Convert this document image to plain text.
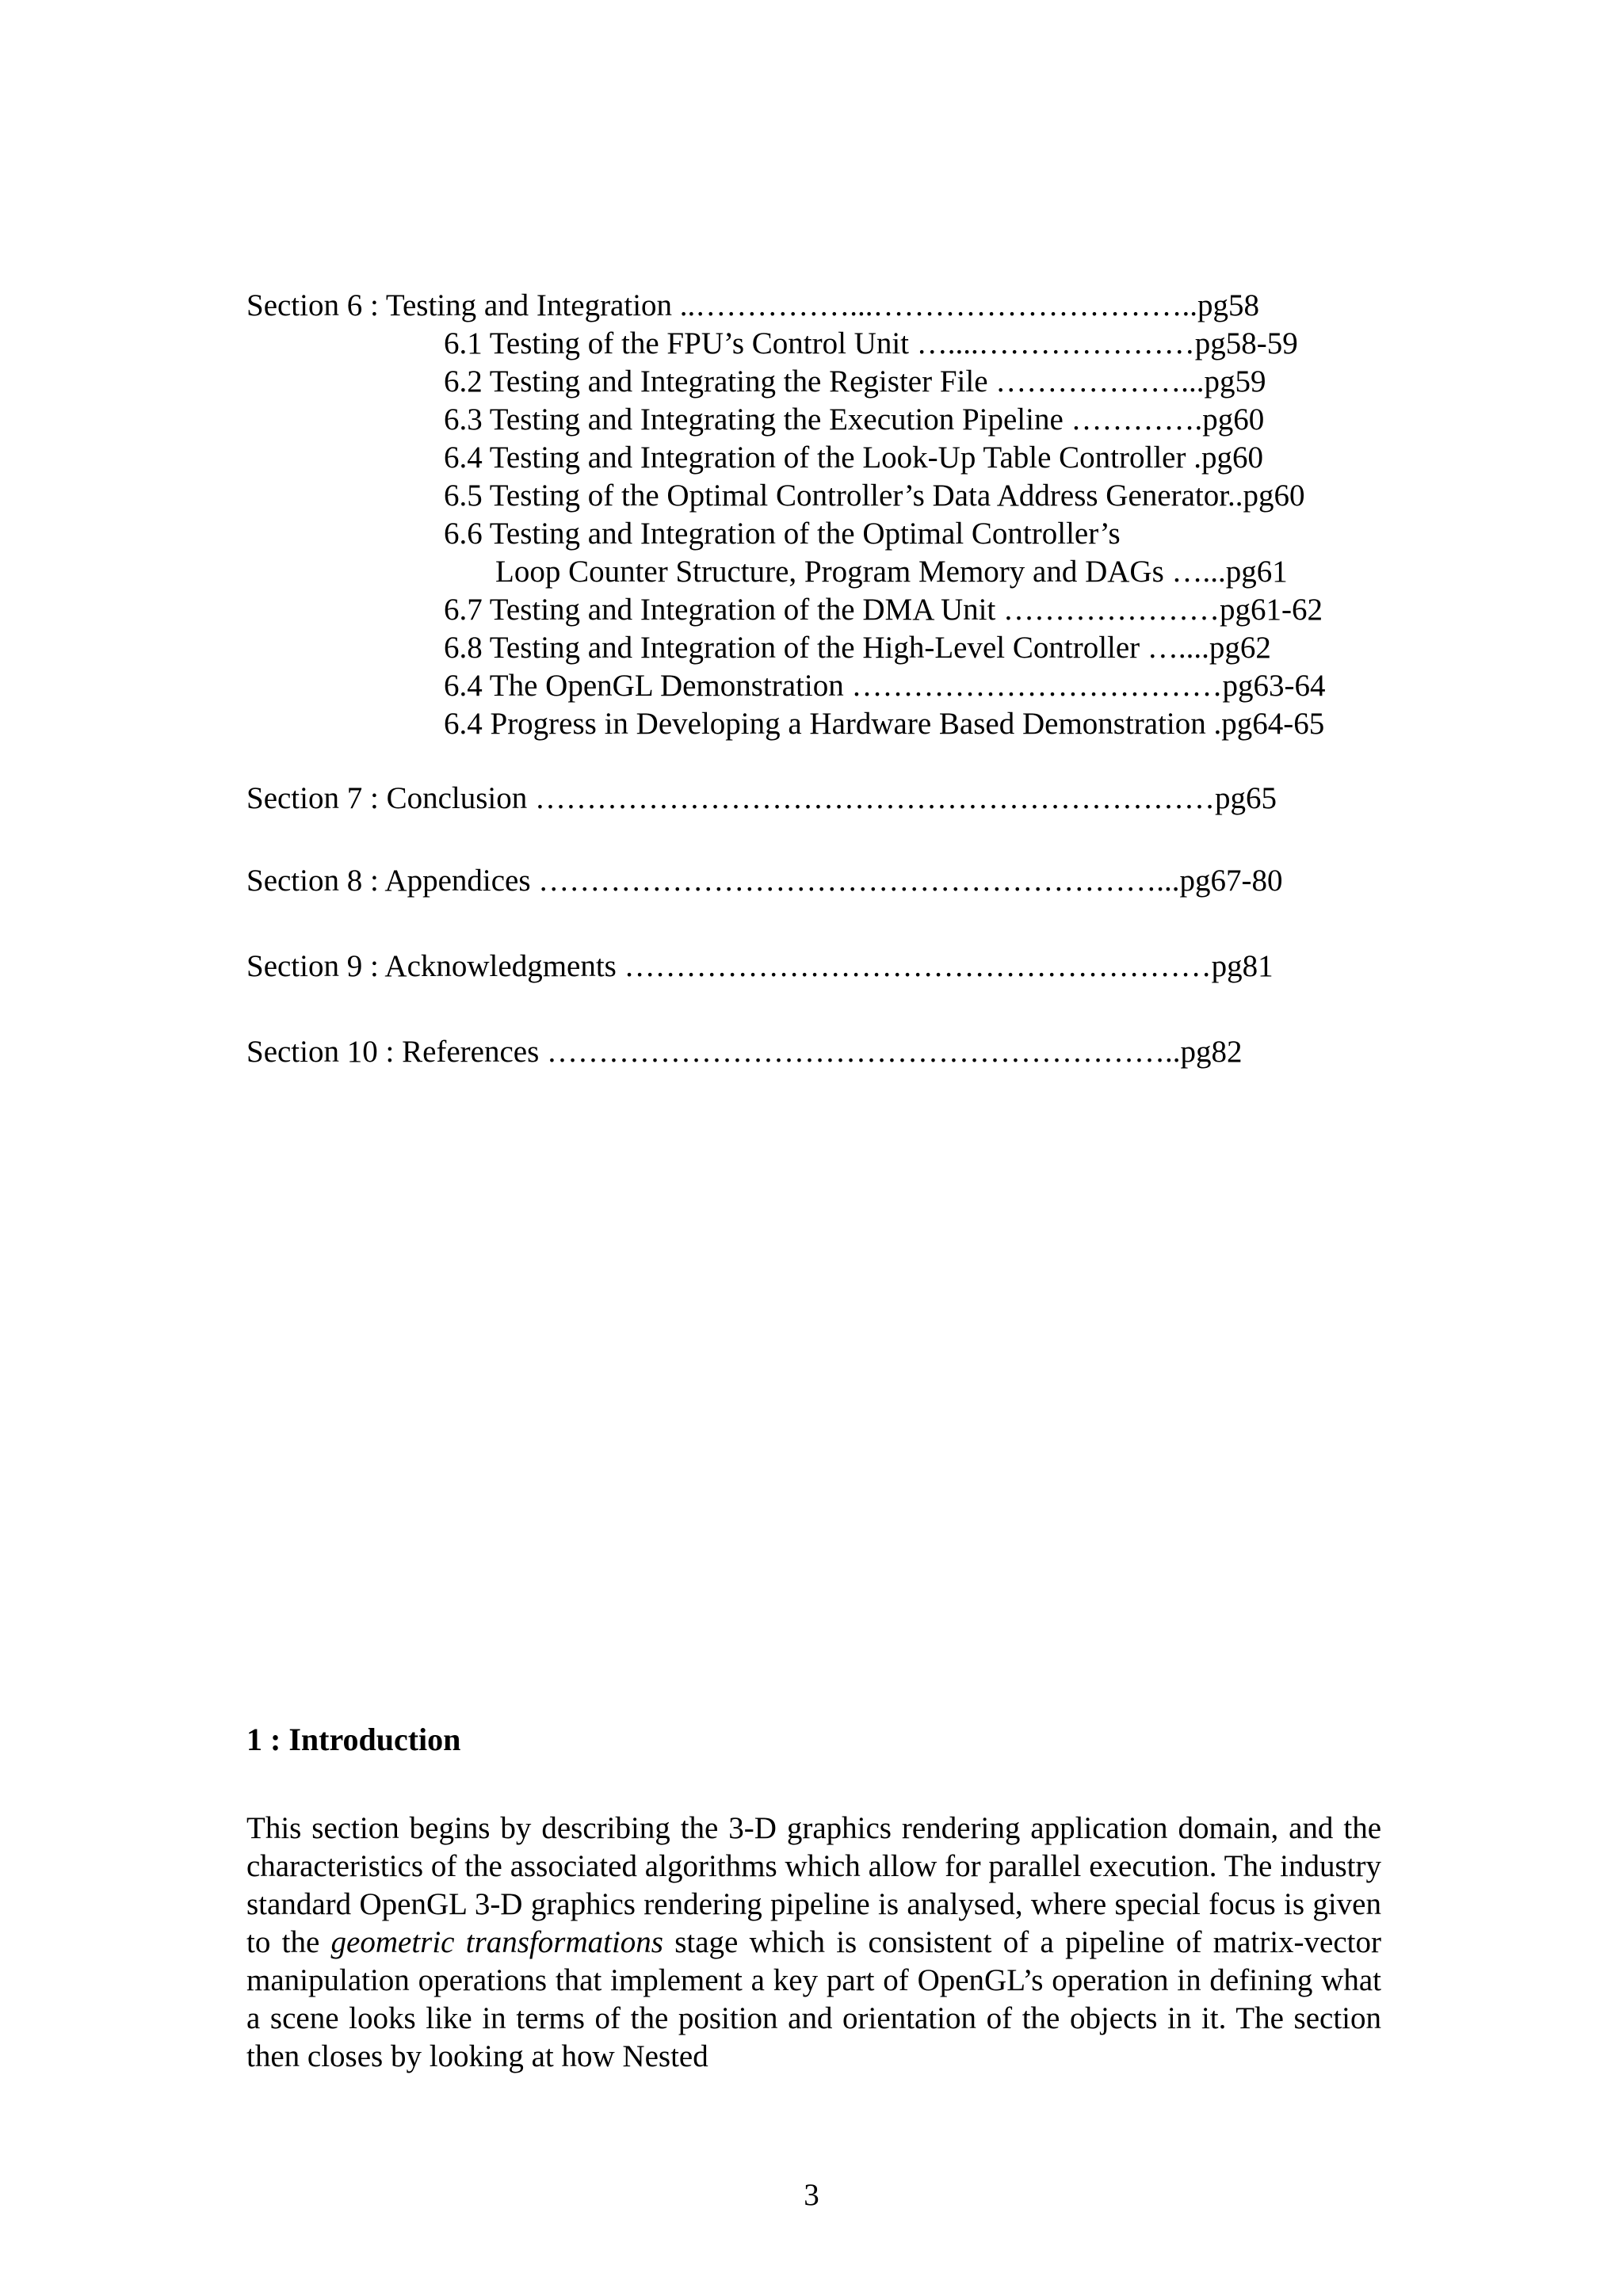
Section 6 : Testing and Integration ..……………...…………………………..pg58
6.1 Testing of the FPU’s Control Unit …....…………………pg58-59
6.2 Testing and Integrating the Register File ………………...pg59
6.3 Testing and Integrating the Execution Pipeline ………….pg60
6.4 Testing and Integration of the Look-Up Table Controller .pg60
6.5 Testing of the Optimal Controller’s Data Address Generator..pg60
6.6 Testing and Integration of the Optimal Controller’s
Loop Counter Structure, Program Memory and DAGs …...pg61
6.7 Testing and Integration of the DMA Unit …………………pg61-62
6.8 Testing and Integration of the High-Level Controller …....pg62
6.4 The OpenGL Demonstration ………………………………pg63-64
6.4 Progress in Developing a Hardware Based Demonstration .pg64-65
Section 7 : Conclusion …………………………………………………………pg65
Section 8 : Appendices ……………………………………………………...pg67-80
Section 9 : Acknowledgments …………………………………………………pg81
Section 10 : References ……………………………………………………..pg82
1 : Introduction
This section begins by describing the 3-D graphics rendering application domain, and the characteristics of the associated algorithms which allow for parallel execution. The industry standard OpenGL 3-D graphics rendering pipeline is analysed, where special focus is given to the geometric transformations stage which is consistent of a pipeline of matrix-vector manipulation operations that implement a key part of OpenGL’s operation in defining what a scene looks like in terms of the position and orientation of the objects in it. The section then closes by looking at how Nested
3
